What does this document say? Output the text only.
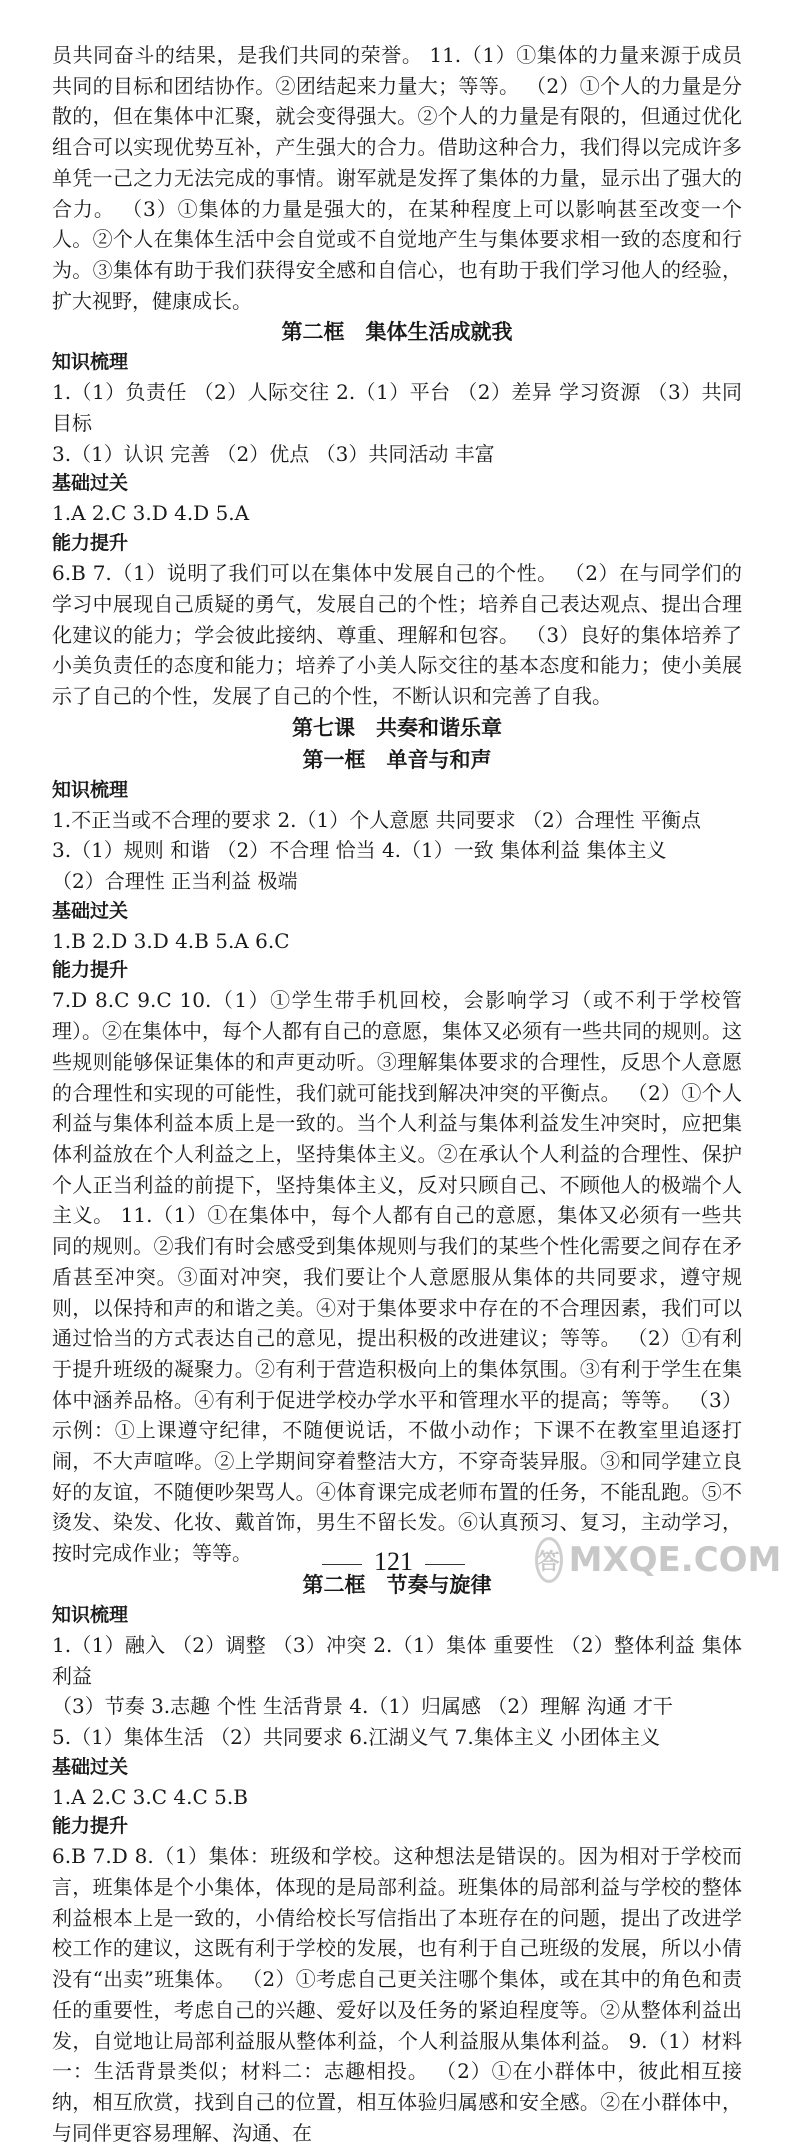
员共同奋斗的结果，是我们共同的荣誉。 11.（1）①集体的力量来源于成员共同的目标和团结协作。②团结起来力量大；等等。 （2）①个人的力量是分散的，但在集体中汇聚，就会变得强大。②个人的力量是有限的，但通过优化组合可以实现优势互补，产生强大的合力。借助这种合力，我们得以完成许多单凭一己之力无法完成的事情。谢军就是发挥了集体的力量，显示出了强大的合力。 （3）①集体的力量是强大的，在某种程度上可以影响甚至改变一个人。②个人在集体生活中会自觉或不自觉地产生与集体要求相一致的态度和行为。③集体有助于我们获得安全感和自信心，也有助于我们学习他人的经验，扩大视野，健康成长。
第二框　集体生活成就我
知识梳理
1.（1）负责任 （2）人际交往 2.（1）平台 （2）差异 学习资源 （3）共同目标
3.（1）认识 完善 （2）优点 （3）共同活动 丰富
基础过关
1.A 2.C 3.D 4.D 5.A
能力提升
6.B 7.（1）说明了我们可以在集体中发展自己的个性。 （2）在与同学们的学习中展现自己质疑的勇气，发展自己的个性；培养自己表达观点、提出合理化建议的能力；学会彼此接纳、尊重、理解和包容。 （3）良好的集体培养了小美负责任的态度和能力；培养了小美人际交往的基本态度和能力；使小美展示了自己的个性，发展了自己的个性，不断认识和完善了自我。
第七课　共奏和谐乐章
第一框　单音与和声
知识梳理
1.不正当或不合理的要求 2.（1）个人意愿 共同要求 （2）合理性 平衡点
3.（1）规则 和谐 （2）不合理 恰当 4.（1）一致 集体利益 集体主义
（2）合理性 正当利益 极端
基础过关
1.B 2.D 3.D 4.B 5.A 6.C
能力提升
7.D 8.C 9.C 10.（1）①学生带手机回校，会影响学习（或不利于学校管理）。②在集体中，每个人都有自己的意愿，集体又必须有一些共同的规则。这些规则能够保证集体的和声更动听。③理解集体要求的合理性，反思个人意愿的合理性和实现的可能性，我们就可能找到解决冲突的平衡点。 （2）①个人利益与集体利益本质上是一致的。当个人利益与集体利益发生冲突时，应把集体利益放在个人利益之上，坚持集体主义。②在承认个人利益的合理性、保护个人正当利益的前提下，坚持集体主义，反对只顾自己、不顾他人的极端个人主义。 11.（1）①在集体中，每个人都有自己的意愿，集体又必须有一些共同的规则。②我们有时会感受到集体规则与我们的某些个性化需要之间存在矛盾甚至冲突。③面对冲突，我们要让个人意愿服从集体的共同要求，遵守规则，以保持和声的和谐之美。④对于集体要求中存在的不合理因素，我们可以通过恰当的方式表达自己的意见，提出积极的改进建议；等等。 （2）①有利于提升班级的凝聚力。②有利于营造积极向上的集体氛围。③有利于学生在集体中涵养品格。④有利于促进学校办学水平和管理水平的提高；等等。 （3）示例：①上课遵守纪律，不随便说话，不做小动作；下课不在教室里追逐打闹，不大声喧哗。②上学期间穿着整洁大方，不穿奇装异服。③和同学建立良好的友谊，不随便吵架骂人。④体育课完成老师布置的任务，不能乱跑。⑤不烫发、染发、化妆、戴首饰，男生不留长发。⑥认真预习、复习，主动学习，按时完成作业；等等。
第二框　节奏与旋律
知识梳理
1.（1）融入 （2）调整 （3）冲突 2.（1）集体 重要性 （2）整体利益 集体利益
（3）节奏 3.志趣 个性 生活背景 4.（1）归属感 （2）理解 沟通 才干
5.（1）集体生活 （2）共同要求 6.江湖义气 7.集体主义 小团体主义
基础过关
1.A 2.C 3.C 4.C 5.B
能力提升
6.B 7.D 8.（1）集体：班级和学校。这种想法是错误的。因为相对于学校而言，班集体是个小集体，体现的是局部利益。班集体的局部利益与学校的整体利益根本上是一致的，小倩给校长写信指出了本班存在的问题，提出了改进学校工作的建议，这既有利于学校的发展，也有利于自己班级的发展，所以小倩没有“出卖”班集体。 （2）①考虑自己更关注哪个集体，或在其中的角色和责任的重要性，考虑自己的兴趣、爱好以及任务的紧迫程度等。②从整体利益出发，自觉地让局部利益服从整体利益，个人利益服从集体利益。 9.（1）材料一：生活背景类似；材料二：志趣相投。 （2）①在小群体中，彼此相互接纳，相互欣赏，找到自己的位置，相互体验归属感和安全感。②在小群体中，与同伴更容易理解、沟通、在
121	答 MXQE.COM
